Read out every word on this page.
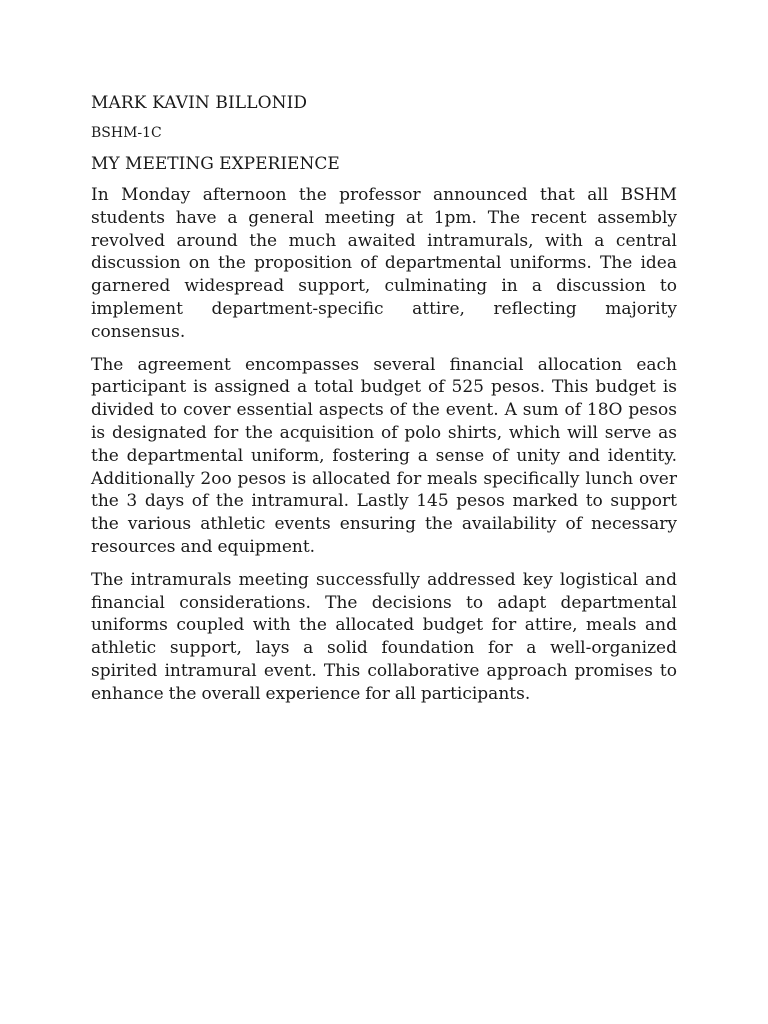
MARK KAVIN BILLONID

BSHM-1C

MY MEETING EXPERIENCE

In Monday afternoon the professor announced that all BSHM students have a general meeting at 1pm. The recent assembly revolved around the much awaited intramurals, with a central discussion on the proposition of departmental uniforms. The idea garnered widespread support, culminating in a discussion to implement department-specific attire, reflecting majority consensus.

The agreement encompasses several financial allocation each participant is assigned a total budget of 525 pesos. This budget is divided to cover essential aspects of the event. A sum of 18O pesos is designated for the acquisition of polo shirts, which will serve as the departmental uniform, fostering a sense of unity and identity. Additionally 2oo pesos is allocated for meals specifically lunch over the 3 days of the intramural. Lastly 145 pesos marked to support the various athletic events ensuring the availability of necessary resources and equipment.

The intramurals meeting successfully addressed key logistical and financial considerations. The decisions to adapt departmental uniforms coupled with the allocated budget for attire, meals and athletic support, lays a solid foundation for a well-organized spirited intramural event. This collaborative approach promises to enhance the overall experience for all participants.
